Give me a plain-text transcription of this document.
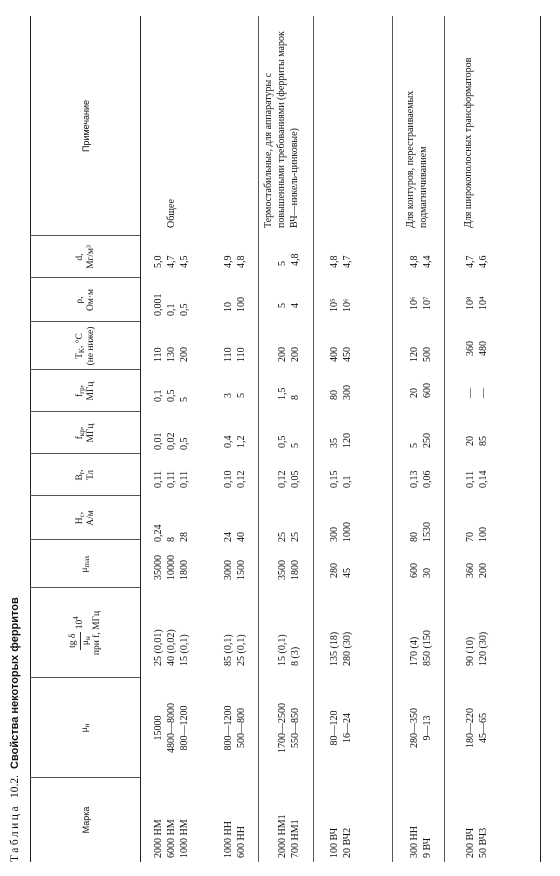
Таблица10.2.Свойства некоторых ферритов
Марка
$\mu_н$
tg δ $\mu_н$
$10^4$ при f, МГц
$\mu_{max}$
$H_c$,
А/м
$B_r$,
Тл
$f_{кр}$,
МГц
$f_{гр}$,
МГц
$T_K$, °C
(не ниже)
ρ,
Ом·м
d,
Мг/м³
Примечание
2000 НМ
6000 НМ
1000 НМ
15000
4800—8000
800—1200
25 (0,01)
40 (0,02)
15 (0,1)
35000
10000
1800
0,24
8
28
0,11
0,11
0,11
0,01
0,02
0,5
0,1
0,5
5
110
130
200
0,001
0,1
0,5
5,0
4,7
4,5
Общее
1000 НН
600 НН
800—1200
500—800
85 (0,1)
25 (0,1)
3000
1500
24
40
0,10
0,12
0,4
1,2
3
5
110
110
10
100
4,9
4,8
2000 НМ1
700 НМ1
1700—2500
550—850
15 (0,1)
8 (3)
3500
1800
25
25
0,12
0,05
0,5
5
1,5
8
200
200
5
4
5
4,8
Термостабильные, для аппаратуры с повышенными требованиями (ферриты марок ВЧ—никель-цинковые)
100 ВЧ
20 ВЧ2
80—120
16—24
135 (18)
280 (30)
280
45
300
1000
0,15
0,1
35
120
80
300
400
450
10⁵
10⁶
4,8
4,7
300 НН
9 ВЧ
280—350
9—13
170 (4)
850 (150
600
30
80
1530
0,13
0,06
5
250
20
600
120
500
10⁶
10⁷
4,8
4,4
Для контуров, перестраиваемых подмагничиванием
200 ВЧ
50 ВЧ3
180—220
45—65
90 (10)
120 (30)
360
200
70
100
0,11
0,14
20
85
—
—
360
480
10⁸
10⁴
4,7
4,6
Для широкополосных трансформаторов
